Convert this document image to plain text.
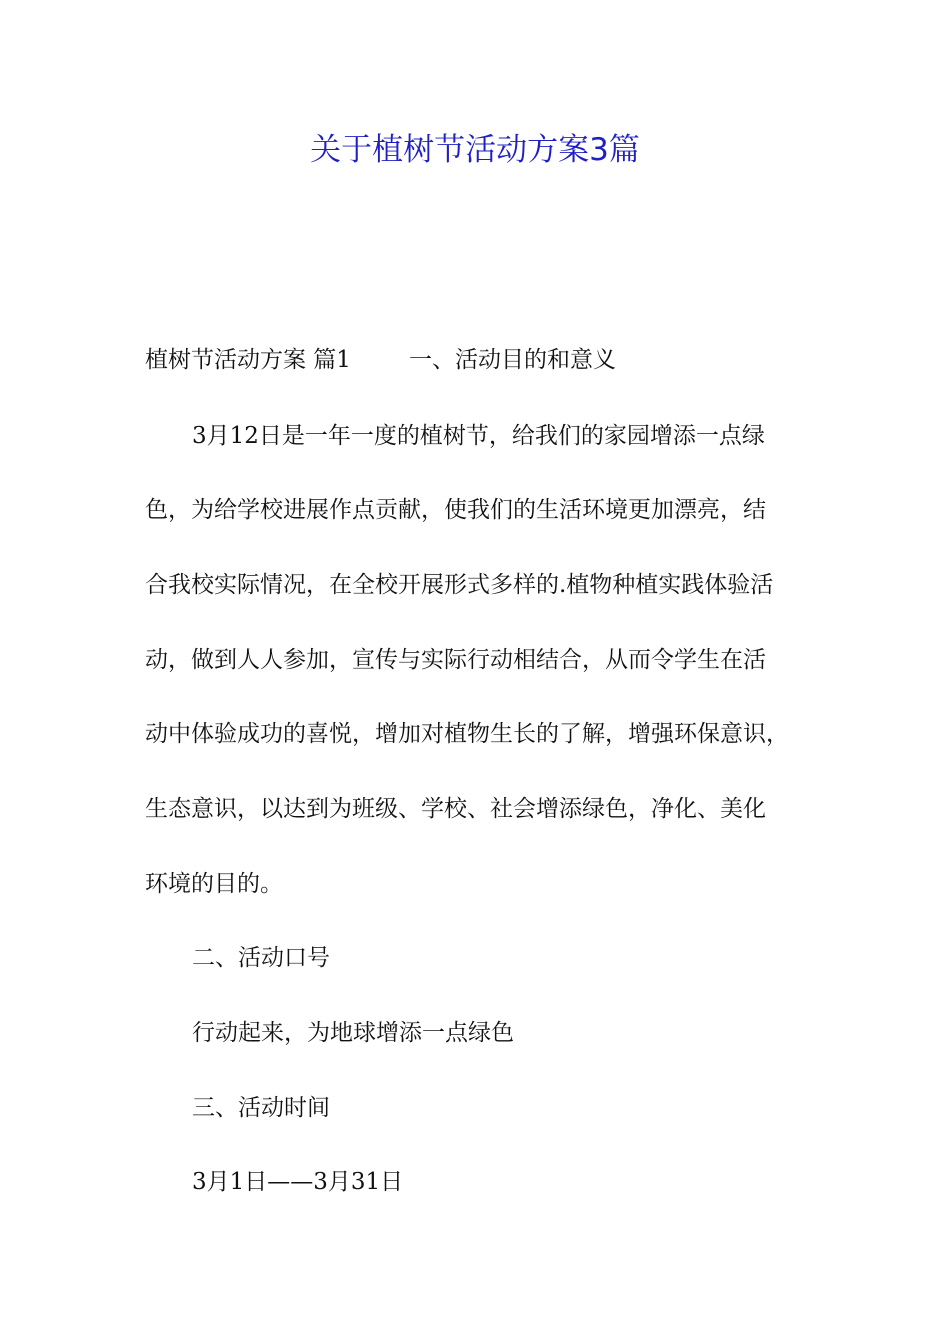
关于植树节活动方案3篇
植树节活动方案 篇1	一、活动目的和意义
3月12日是一年一度的植树节，给我们的家园增添一点绿
色，为给学校进展作点贡献，使我们的生活环境更加漂亮，结
合我校实际情况，在全校开展形式多样的.植物种植实践体验活
动，做到人人参加，宣传与实际行动相结合，从而令学生在活
动中体验成功的喜悦，增加对植物生长的了解，增强环保意识，
生态意识，以达到为班级、学校、社会增添绿色，净化、美化
环境的目的。
二、活动口号
行动起来，为地球增添一点绿色
三、活动时间
3月1日——3月31日
